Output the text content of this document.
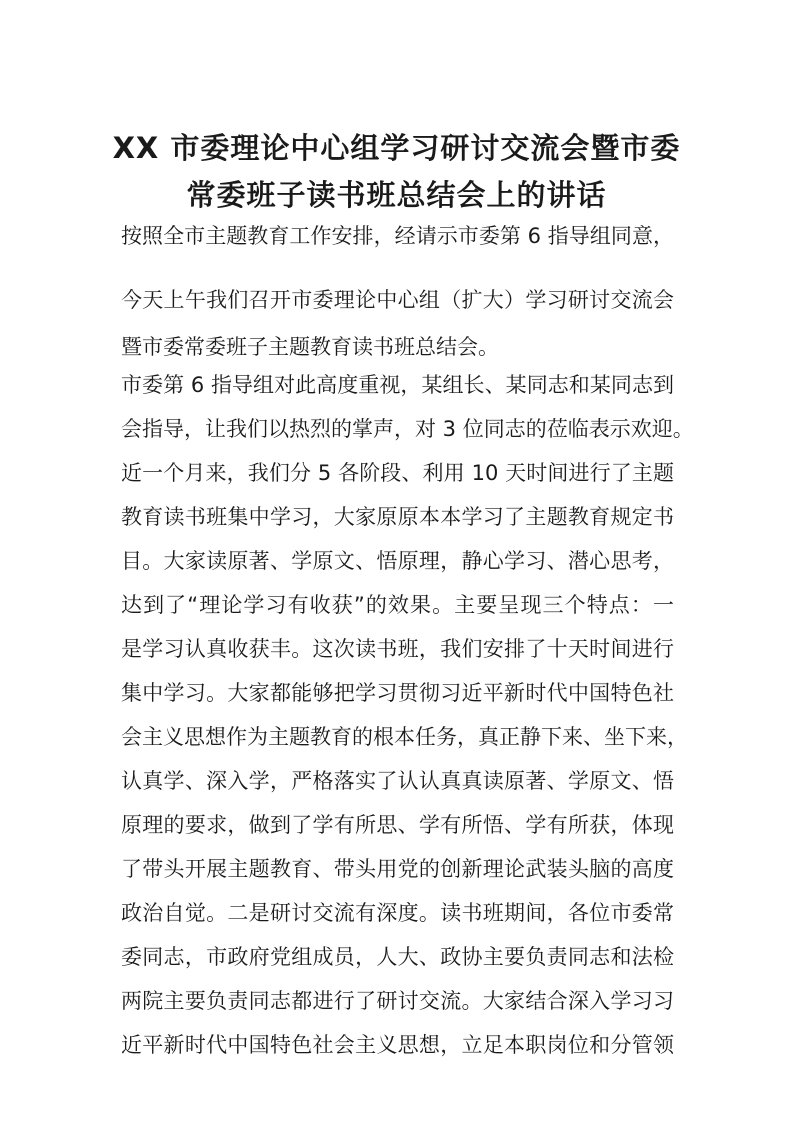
XX 市委理论中心组学习研讨交流会暨市委
常委班子读书班总结会上的讲话
按照全市主题教育工作安排，经请示市委第 6 指导组同意，
今天上午我们召开市委理论中心组（扩大）学习研讨交流会
暨市委常委班子主题教育读书班总结会。
市委第 6 指导组对此高度重视，某组长、某同志和某同志到
会指导，让我们以热烈的掌声，对 3 位同志的莅临表示欢迎。
近一个月来，我们分 5 各阶段、利用 10 天时间进行了主题
教育读书班集中学习，大家原原本本学习了主题教育规定书
目。大家读原著、学原文、悟原理，静心学习、潜心思考，
达到了“理论学习有收获”的效果。主要呈现三个特点：一
是学习认真收获丰。这次读书班，我们安排了十天时间进行
集中学习。大家都能够把学习贯彻习近平新时代中国特色社
会主义思想作为主题教育的根本任务，真正静下来、坐下来，
认真学、深入学，严格落实了认认真真读原著、学原文、悟
原理的要求，做到了学有所思、学有所悟、学有所获，体现
了带头开展主题教育、带头用党的创新理论武装头脑的高度
政治自觉。二是研讨交流有深度。读书班期间，各位市委常
委同志，市政府党组成员，人大、政协主要负责同志和法检
两院主要负责同志都进行了研讨交流。大家结合深入学习习
近平新时代中国特色社会主义思想，立足本职岗位和分管领
